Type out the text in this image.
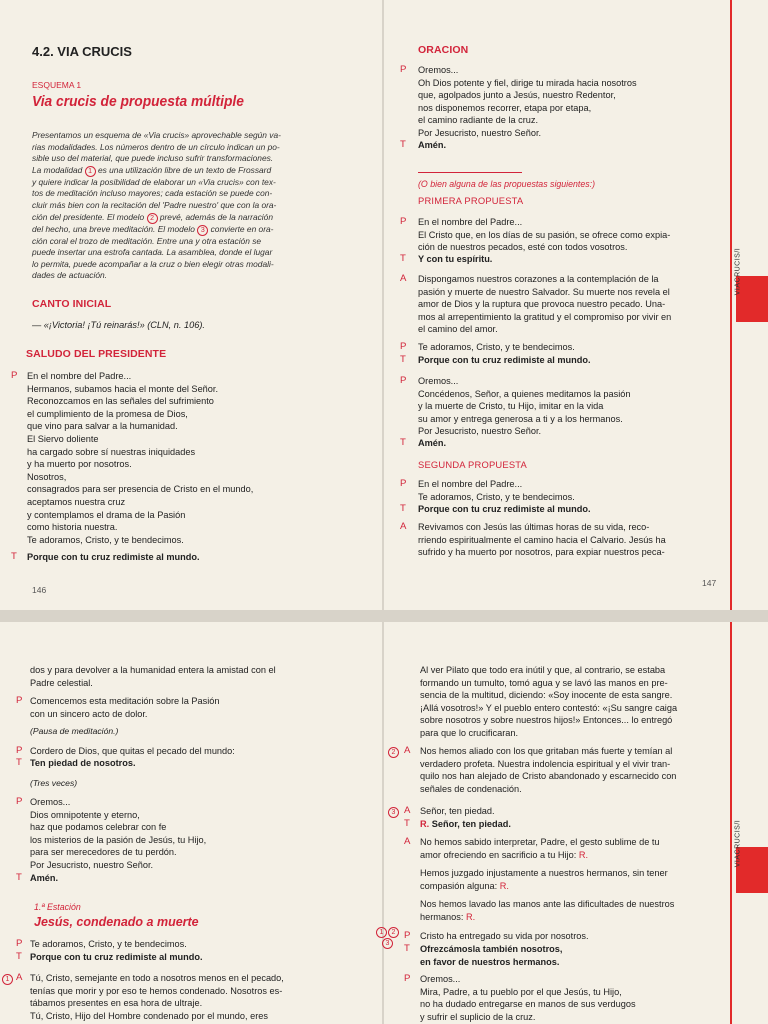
4.2. VIA CRUCIS
ESQUEMA 1
Via crucis de propuesta múltiple
Presentamos un esquema de «Via crucis» aprovechable según va-
rias modalidades. Los números dentro de un círculo indican un po-
sible uso del material, que puede incluso sufrir transformaciones.
La modalidad 1 es una utilización libre de un texto de Frossard
y quiere indicar la posibilidad de elaborar un «Via crucis» con tex-
tos de meditación incluso mayores; cada estación se puede con-
cluir más bien con la recitación del 'Padre nuestro' que con la ora-
ción del presidente. El modelo 2 prevé, además de la narración
del hecho, una breve meditación. El modelo 3 convierte en ora-
ción coral el trozo de meditación. Entre una y otra estación se
puede insertar una estrofa cantada. La asamblea, donde el lugar
lo permita, puede acompañar a la cruz o bien elegir otras modali-
dades de actuación.
CANTO INICIAL
— «¡Victoria! ¡Tú reinarás!» (CLN, n. 106).
SALUDO DEL PRESIDENTE
P En el nombre del Padre...
Hermanos, subamos hacia el monte del Señor.
Reconozcamos en las señales del sufrimiento
el cumplimiento de la promesa de Dios,
que vino para salvar a la humanidad.
El Siervo doliente
ha cargado sobre sí nuestras iniquidades
y ha muerto por nosotros.
Nosotros,
consagrados para ser presencia de Cristo en el mundo,
aceptamos nuestra cruz
y contemplamos el drama de la Pasión
como historia nuestra.
Te adoramos, Cristo, y te bendecimos.
T Porque con tu cruz redimiste al mundo.
146
ORACION
P Oremos...
Oh Dios potente y fiel, dirige tu mirada hacia nosotros
que, agolpados junto a Jesús, nuestro Redentor,
nos disponemos recorrer, etapa por etapa,
el camino radiante de la cruz.
Por Jesucristo, nuestro Señor.
T Amén.
(O bien alguna de las propuestas siguientes:)
PRIMERA PROPUESTA
P En el nombre del Padre...
El Cristo que, en los días de su pasión, se ofrece como expia-
ción de nuestros pecados, esté con todos vosotros.
T Y con tu espíritu.
A Dispongamos nuestros corazones a la contemplación de la
pasión y muerte de nuestro Salvador. Su muerte nos revela el
amor de Dios y la ruptura que provoca nuestro pecado. Una-
mos al arrepentimiento la gratitud y el compromiso por vivir en
el camino del amor.
P Te adoramos, Cristo, y te bendecimos.
T Porque con tu cruz redimiste al mundo.
P Oremos...
Concédenos, Señor, a quienes meditamos la pasión
y la muerte de Cristo, tu Hijo, imitar en la vida
su amor y entrega generosa a ti y a los hermanos.
Por Jesucristo, nuestro Señor.
T Amén.
SEGUNDA PROPUESTA
P En el nombre del Padre...
Te adoramos, Cristo, y te bendecimos.
T Porque con tu cruz redimiste al mundo.
A Revivamos con Jesús las últimas horas de su vida, reco-
rriendo espiritualmente el camino hacia el Calvario. Jesús ha
sufrido y ha muerto por nosotros, para expiar nuestros peca-
147
VIACRUCIS/I
dos y para devolver a la humanidad entera la amistad con el
Padre celestial.
P Comencemos esta meditación sobre la Pasión
con un sincero acto de dolor.
(Pausa de meditación.)
P Cordero de Dios, que quitas el pecado del mundo:
T Ten piedad de nosotros.
(Tres veces)
P Oremos...
Dios omnipotente y eterno,
haz que podamos celebrar con fe
los misterios de la pasión de Jesús, tu Hijo,
para ser merecedores de tu perdón.
Por Jesucristo, nuestro Señor.
T Amén.
1.ª Estación
Jesús, condenado a muerte
P Te adoramos, Cristo, y te bendecimos.
T Porque con tu cruz redimiste al mundo.
1 A Tú, Cristo, semejante en todo a nosotros menos en el pecado,
tenías que morir y por eso te hemos condenado. Nosotros es-
tábamos presentes en esa hora de ultraje.
Tú, Cristo, Hijo del Hombre condenado por el mundo, eres
Al ver Pilato que todo era inútil y que, al contrario, se estaba
formando un tumulto, tomó agua y se lavó las manos en pre-
sencia de la multitud, diciendo: «Soy inocente de esta sangre.
¡Allá vosotros!» Y el pueblo entero contestó: «¡Su sangre caiga
sobre nosotros y sobre nuestros hijos!» Entonces... lo entregó
para que lo crucificaran.
2 A Nos hemos aliado con los que gritaban más fuerte y temían al
verdadero profeta. Nuestra indolencia espiritual y el vivir tran-
quilo nos han alejado de Cristo abandonado y escarnecido con
señales de condenación.
3 A Señor, ten piedad.
T R. Señor, ten piedad.
A No hemos sabido interpretar, Padre, el gesto sublime de tu
amor ofreciendo en sacrificio a tu Hijo: R.
Hemos juzgado injustamente a nuestros hermanos, sin tener
compasión alguna: R.
Nos hemos lavado las manos ante las dificultades de nuestros
hermanos: R.
1	2
3
P Cristo ha entregado su vida por nosotros.
T Ofrezcámosla también nosotros,
en favor de nuestros hermanos.
P Oremos...
Mira, Padre, a tu pueblo por el que Jesús, tu Hijo,
no ha dudado entregarse en manos de sus verdugos
y sufrir el suplicio de la cruz.
VIACRUCIS/I
